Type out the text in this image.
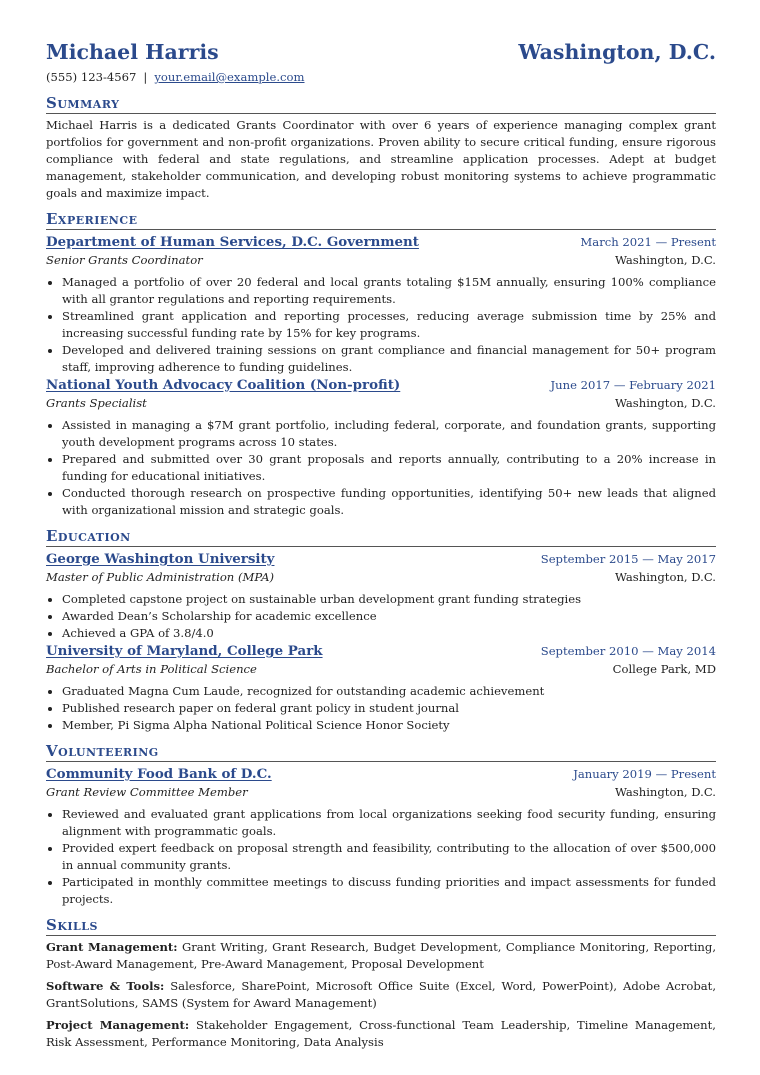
Michael Harris	Washington, D.C.
(555) 123-4567 | your.email@example.com
Summary
Michael Harris is a dedicated Grants Coordinator with over 6 years of experience managing complex grant portfolios for government and non-profit organizations. Proven ability to secure critical funding, ensure rigorous compliance with federal and state regulations, and streamline application processes. Adept at budget management, stakeholder communication, and developing robust monitoring systems to achieve programmatic goals and maximize impact.
Experience
Department of Human Services, D.C. Government	March 2021 — Present
Senior Grants Coordinator	Washington, D.C.
• Managed a portfolio of over 20 federal and local grants totaling $15M annually, ensuring 100% compliance with all grantor regulations and reporting requirements.
• Streamlined grant application and reporting processes, reducing average submission time by 25% and increasing successful funding rate by 15% for key programs.
• Developed and delivered training sessions on grant compliance and financial management for 50+ program staff, improving adherence to funding guidelines.
National Youth Advocacy Coalition (Non-profit)	June 2017 — February 2021
Grants Specialist	Washington, D.C.
• Assisted in managing a $7M grant portfolio, including federal, corporate, and foundation grants, supporting youth development programs across 10 states.
• Prepared and submitted over 30 grant proposals and reports annually, contributing to a 20% increase in funding for educational initiatives.
• Conducted thorough research on prospective funding opportunities, identifying 50+ new leads that aligned with organizational mission and strategic goals.
Education
George Washington University	September 2015 — May 2017
Master of Public Administration (MPA)	Washington, D.C.
• Completed capstone project on sustainable urban development grant funding strategies
• Awarded Dean’s Scholarship for academic excellence
• Achieved a GPA of 3.8/4.0
University of Maryland, College Park	September 2010 — May 2014
Bachelor of Arts in Political Science	College Park, MD
• Graduated Magna Cum Laude, recognized for outstanding academic achievement
• Published research paper on federal grant policy in student journal
• Member, Pi Sigma Alpha National Political Science Honor Society
Volunteering
Community Food Bank of D.C.	January 2019 — Present
Grant Review Committee Member	Washington, D.C.
• Reviewed and evaluated grant applications from local organizations seeking food security funding, ensuring alignment with programmatic goals.
• Provided expert feedback on proposal strength and feasibility, contributing to the allocation of over $500,000 in annual community grants.
• Participated in monthly committee meetings to discuss funding priorities and impact assessments for funded projects.
Skills
Grant Management: Grant Writing, Grant Research, Budget Development, Compliance Monitoring, Reporting, Post-Award Management, Pre-Award Management, Proposal Development
Software & Tools: Salesforce, SharePoint, Microsoft Office Suite (Excel, Word, PowerPoint), Adobe Acrobat, GrantSolutions, SAMS (System for Award Management)
Project Management: Stakeholder Engagement, Cross-functional Team Leadership, Timeline Management, Risk Assessment, Performance Monitoring, Data Analysis
